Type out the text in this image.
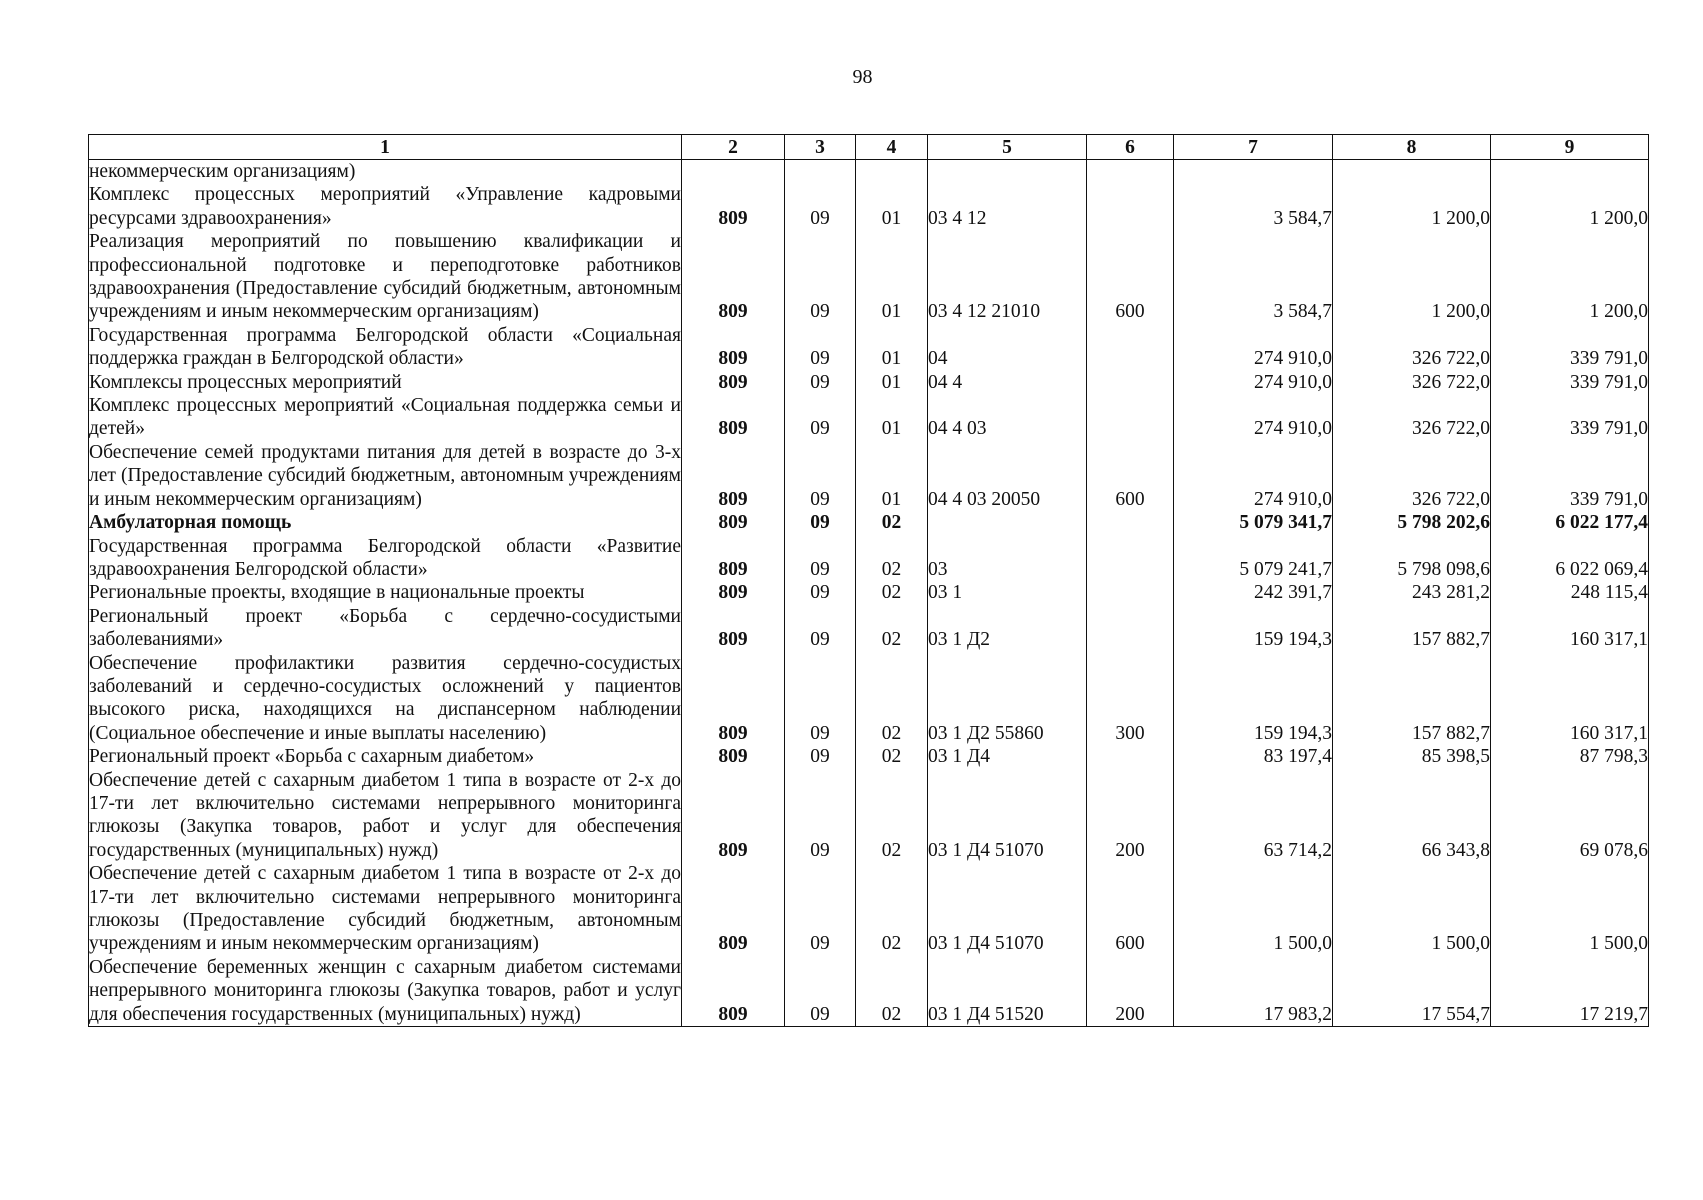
98
1	2	3	4	5	6	7	8	9
некоммерческим организациям)								
Комплекс процессных мероприятий «Управление кадровыми ресурсами здравоохранения»	809	09	01	03 4 12		3 584,7	1 200,0	1 200,0
Реализация мероприятий по повышению квалификации и профессиональной подготовке и переподготовке работников здравоохранения (Предоставление субсидий бюджетным, автономным учреждениям и иным некоммерческим организациям)	809	09	01	03 4 12 21010	600	3 584,7	1 200,0	1 200,0
Государственная программа Белгородской области «Социальная поддержка граждан в Белгородской области»	809	09	01	04		274 910,0	326 722,0	339 791,0
Комплексы процессных мероприятий	809	09	01	04 4		274 910,0	326 722,0	339 791,0
Комплекс процессных мероприятий «Социальная поддержка семьи и детей»	809	09	01	04 4 03		274 910,0	326 722,0	339 791,0
Обеспечение семей продуктами питания для детей в возрасте до 3-х лет (Предоставление субсидий бюджетным, автономным учреждениям и иным некоммерческим организациям)	809	09	01	04 4 03 20050	600	274 910,0	326 722,0	339 791,0
Амбулаторная помощь	809	09	02			5 079 341,7	5 798 202,6	6 022 177,4
Государственная программа Белгородской области «Развитие здравоохранения Белгородской области»	809	09	02	03		5 079 241,7	5 798 098,6	6 022 069,4
Региональные проекты, входящие в национальные проекты	809	09	02	03 1		242 391,7	243 281,2	248 115,4
Региональный проект «Борьба с сердечно-сосудистыми заболеваниями»	809	09	02	03 1 Д2		159 194,3	157 882,7	160 317,1
Обеспечение профилактики развития сердечно-сосудистых заболеваний и сердечно-сосудистых осложнений у пациентов высокого риска, находящихся на диспансерном наблюдении (Социальное обеспечение и иные выплаты населению)	809	09	02	03 1 Д2 55860	300	159 194,3	157 882,7	160 317,1
Региональный проект «Борьба с сахарным диабетом»	809	09	02	03 1 Д4		83 197,4	85 398,5	87 798,3
Обеспечение детей с сахарным диабетом 1 типа в возрасте от 2-х до 17-ти лет включительно системами непрерывного мониторинга глюкозы (Закупка товаров, работ и услуг для обеспечения государственных (муниципальных) нужд)	809	09	02	03 1 Д4 51070	200	63 714,2	66 343,8	69 078,6
Обеспечение детей с сахарным диабетом 1 типа в возрасте от 2-х до 17-ти лет включительно системами непрерывного мониторинга глюкозы (Предоставление субсидий бюджетным, автономным учреждениям и иным некоммерческим организациям)	809	09	02	03 1 Д4 51070	600	1 500,0	1 500,0	1 500,0
Обеспечение беременных женщин с сахарным диабетом системами непрерывного мониторинга глюкозы (Закупка товаров, работ и услуг для обеспечения государственных (муниципальных) нужд)	809	09	02	03 1 Д4 51520	200	17 983,2	17 554,7	17 219,7
